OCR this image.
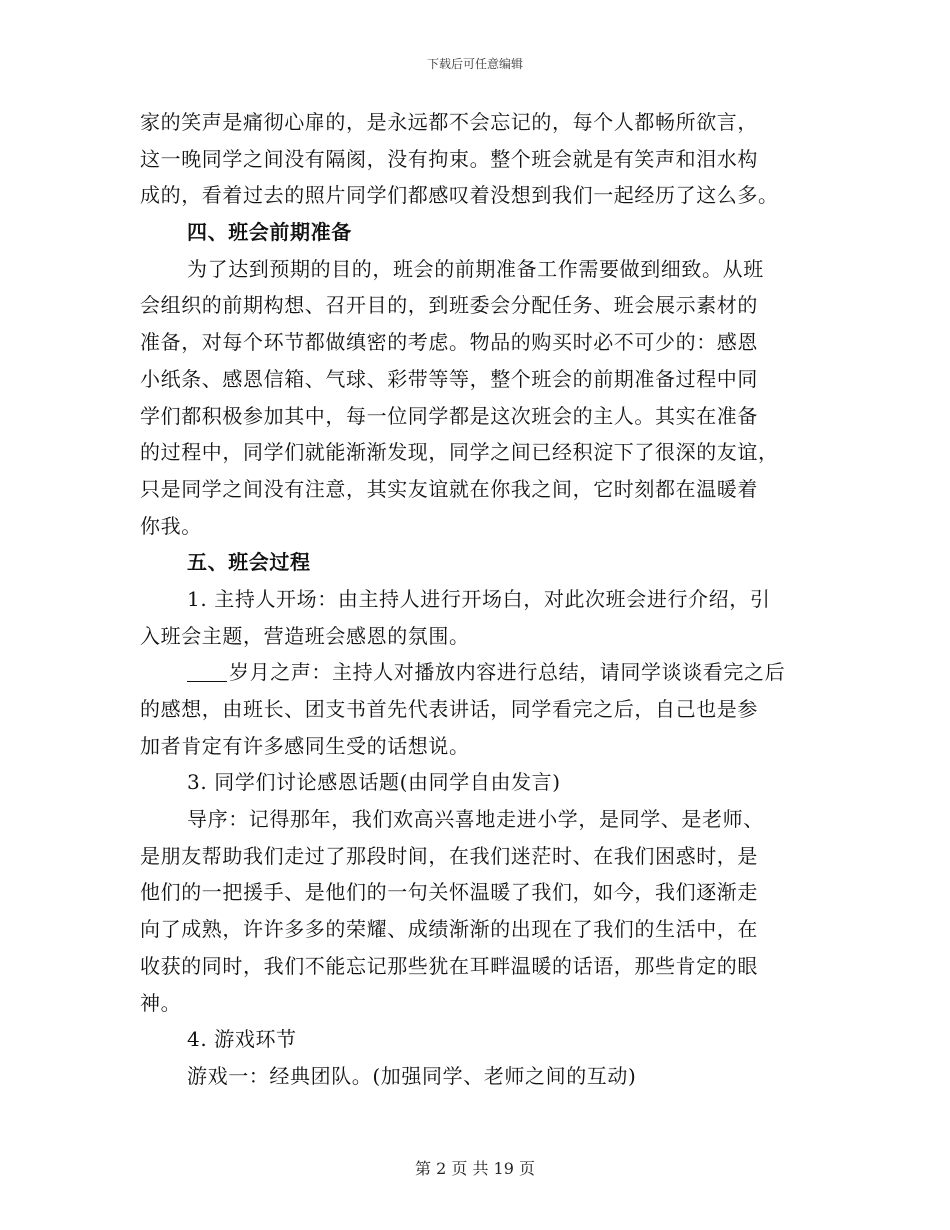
下载后可任意编辑
家的笑声是痛彻心扉的，是永远都不会忘记的，每个人都畅所欲言，
这一晚同学之间没有隔阂，没有拘束。整个班会就是有笑声和泪水构
成的，看着过去的照片同学们都感叹着没想到我们一起经历了这么多。
四、班会前期准备
为了达到预期的目的，班会的前期准备工作需要做到细致。从班
会组织的前期构想、召开目的，到班委会分配任务、班会展示素材的
准备，对每个环节都做缜密的考虑。物品的购买时必不可少的：感恩
小纸条、感恩信箱、气球、彩带等等，整个班会的前期准备过程中同
学们都积极参加其中，每一位同学都是这次班会的主人。其实在准备
的过程中，同学们就能渐渐发现，同学之间已经积淀下了很深的友谊，
只是同学之间没有注意，其实友谊就在你我之间，它时刻都在温暖着
你我。
五、班会过程
1. 主持人开场：由主持人进行开场白，对此次班会进行介绍，引
入班会主题，营造班会感恩的氛围。
岁月之声：主持人对播放内容进行总结，请同学谈谈看完之后
的感想，由班长、团支书首先代表讲话，同学看完之后，自己也是参
加者肯定有许多感同生受的话想说。
3. 同学们讨论感恩话题(由同学自由发言)
导序：记得那年，我们欢高兴喜地走进小学，是同学、是老师、
是朋友帮助我们走过了那段时间，在我们迷茫时、在我们困惑时，是
他们的一把援手、是他们的一句关怀温暖了我们，如今，我们逐渐走
向了成熟，许许多多的荣耀、成绩渐渐的出现在了我们的生活中，在
收获的同时，我们不能忘记那些犹在耳畔温暖的话语，那些肯定的眼
神。
4. 游戏环节
游戏一：经典团队。(加强同学、老师之间的互动)
第 2 页 共 19 页
